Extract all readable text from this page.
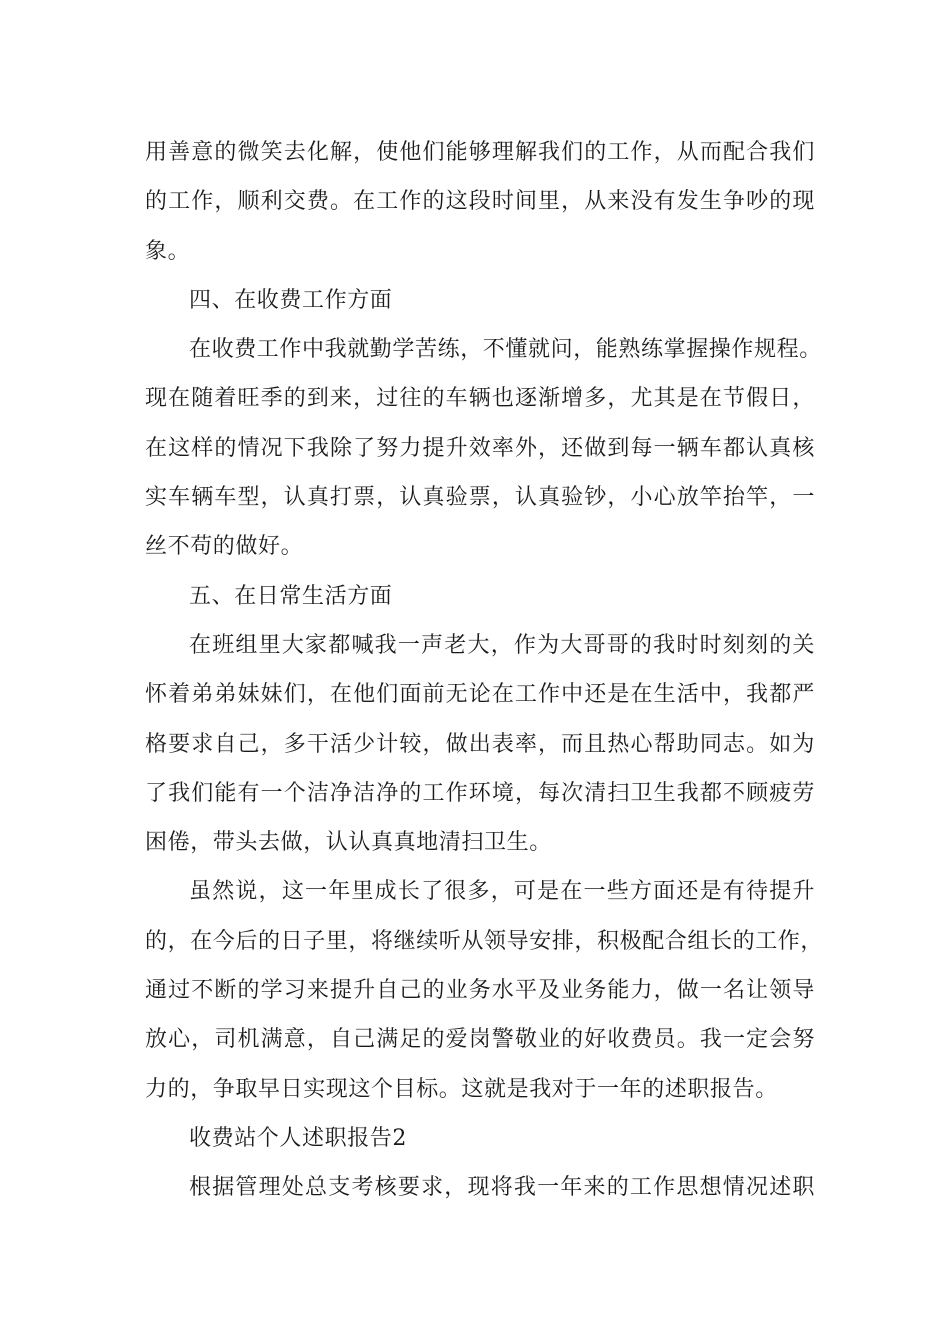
用善意的微笑去化解，使他们能够理解我们的工作，从而配合我们
的工作，顺利交费。在工作的这段时间里，从来没有发生争吵的现
象。
四、在收费工作方面
在收费工作中我就勤学苦练，不懂就问，能熟练掌握操作规程。
现在随着旺季的到来，过往的车辆也逐渐增多，尤其是在节假日，
在这样的情况下我除了努力提升效率外，还做到每一辆车都认真核
实车辆车型，认真打票，认真验票，认真验钞，小心放竿抬竿，一
丝不苟的做好。
五、在日常生活方面
在班组里大家都喊我一声老大，作为大哥哥的我时时刻刻的关
怀着弟弟妹妹们，在他们面前无论在工作中还是在生活中，我都严
格要求自己，多干活少计较，做出表率，而且热心帮助同志。如为
了我们能有一个洁净洁净的工作环境，每次清扫卫生我都不顾疲劳
困倦，带头去做，认认真真地清扫卫生。
虽然说，这一年里成长了很多，可是在一些方面还是有待提升
的，在今后的日子里，将继续听从领导安排，积极配合组长的工作，
通过不断的学习来提升自己的业务水平及业务能力，做一名让领导
放心，司机满意，自己满足的爱岗警敬业的好收费员。我一定会努
力的，争取早日实现这个目标。这就是我对于一年的述职报告。
收费站个人述职报告2
根据管理处总支考核要求，现将我一年来的工作思想情况述职
